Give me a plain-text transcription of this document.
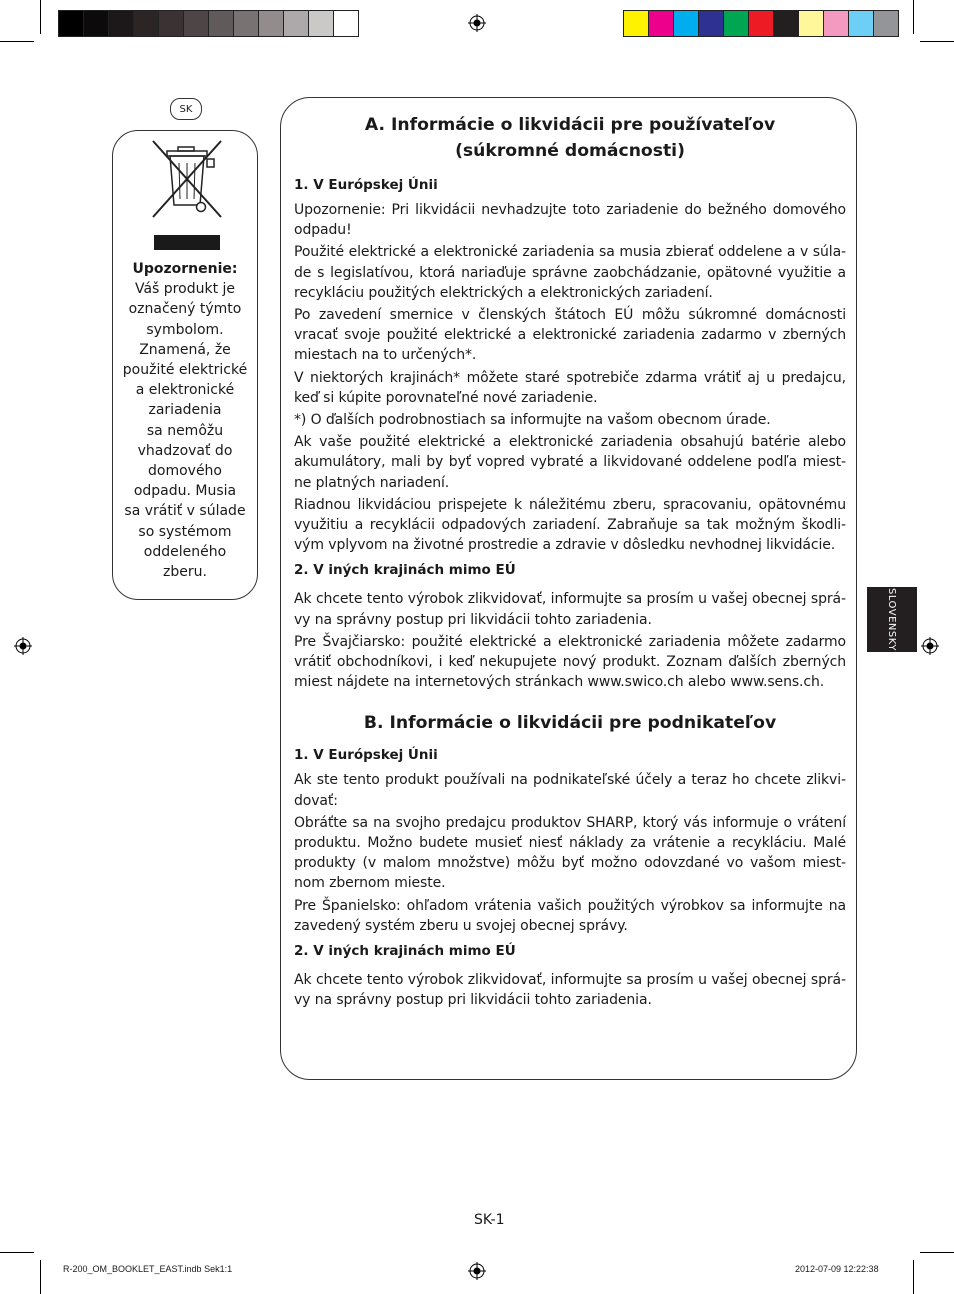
SK
Upozornenie:
Váš produkt je
označený týmto
symbolom.
Znamená, že
použité elektrické
a elektronické
zariadenia
sa nemôžu
vhadzovať do
domového
odpadu. Musia
sa vrátiť v súlade
so systémom
oddeleného
zberu.
A. Informácie o likvidácii pre používateľov
(súkromné domácnosti)
1. V Európskej Únii

Upozornenie: Pri likvidácii nevhadzujte toto zariadenie do bežného domového odpadu!

Použité elektrické a elektronické zariadenia sa musia zbierať oddelene a v súla-de s legislatívou, ktorá nariaďuje správne zaobchádzanie, opätovné využitie a recykláciu použitých elektrických a elektronických zariadení.

Po zavedení smernice v členských štátoch EÚ môžu súkromné domácnosti vracať svoje použité elektrické a elektronické zariadenia zadarmo v zberných miestach na to určených*.

V niektorých krajinách* môžete staré spotrebiče zdarma vrátiť aj u predajcu, keď si kúpite porovnateľné nové zariadenie.

*) O ďalších podrobnostiach sa informujte na vašom obecnom úrade.

Ak vaše použité elektrické a elektronické zariadenia obsahujú batérie alebo akumulátory, mali by byť vopred vybraté a likvidované oddelene podľa miest-ne platných nariadení.

Riadnou likvidáciou prispejete k náležitému zberu, spracovaniu, opätovnému využitiu a recyklácii odpadových zariadení. Zabraňuje sa tak možným škodli-vým vplyvom na životné prostredie a zdravie v dôsledku nevhodnej likvidácie.

2. V iných krajinách mimo EÚ

Ak chcete tento výrobok zlikvidovať, informujte sa prosím u vašej obecnej sprá-vy na správny postup pri likvidácii tohto zariadenia.

Pre Švajčiarsko: použité elektrické a elektronické zariadenia môžete zadarmo vrátiť obchodníkovi, i keď nekupujete nový produkt. Zoznam ďalších zberných miest nájdete na internetových stránkach www.swico.ch alebo www.sens.ch.

B. Informácie o likvidácii pre podnikateľov
1. V Európskej Únii

Ak ste tento produkt používali na podnikateľské účely a teraz ho chcete zlikvi-dovať:

Obráťte sa na svojho predajcu produktov SHARP, ktorý vás informuje o vrátení produktu. Možno budete musieť niesť náklady za vrátenie a recykláciu. Malé produkty (v malom množstve) môžu byť možno odovzdané vo vašom miest-nom zbernom mieste.

Pre Španielsko: ohľadom vrátenia vašich použitých výrobkov sa informujte na zavedený systém zberu u svojej obecnej správy.

2. V iných krajinách mimo EÚ

Ak chcete tento výrobok zlikvidovať, informujte sa prosím u vašej obecnej sprá-vy na správny postup pri likvidácii tohto zariadenia.

SLOVENSKY
SK-1
R-200_OM_BOOKLET_EAST.indb Sek1:1	2012-07-09 12:22:38
